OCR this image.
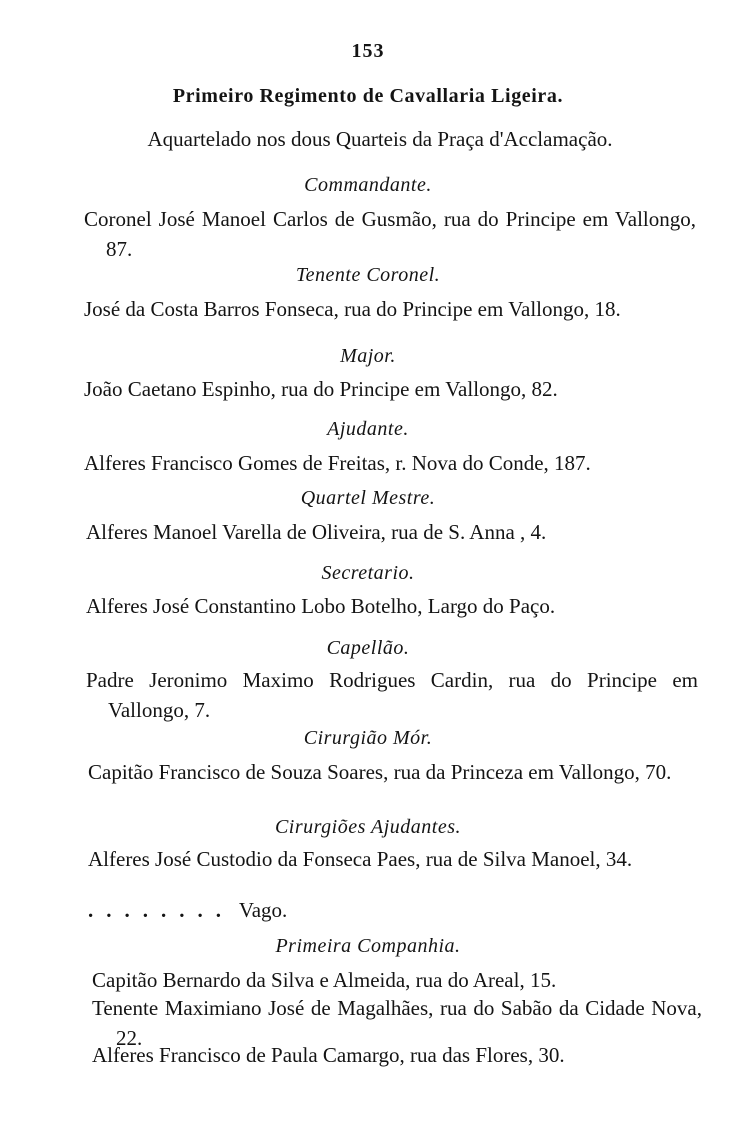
153
Primeiro Regimento de Cavallaria Ligeira.
Aquartelado nos dous Quarteis da Praça d'Acclamação.
Commandante.
Coronel José Manoel Carlos de Gusmão, rua do Principe em Vallongo, 87.
Tenente Coronel.
José da Costa Barros Fonseca, rua do Principe em Vallongo, 18.
Major.
João Caetano Espinho, rua do Principe em Vallongo, 82.
Ajudante.
Alferes Francisco Gomes de Freitas, r. Nova do Conde, 187.
Quartel Mestre.
Alferes Manoel Varella de Oliveira, rua de S. Anna , 4.
Secretario.
Alferes José Constantino Lobo Botelho, Largo do Paço.
Capellão.
Padre Jeronimo Maximo Rodrigues Cardin, rua do Principe em Vallongo, 7.
Cirurgião Mór.
Capitão Francisco de Souza Soares, rua da Princeza em Vallongo, 70.
Cirurgiões Ajudantes.
Alferes José Custodio da Fonseca Paes, rua de Silva Manoel, 34.
........ Vago.
Primeira Companhia.
Capitão Bernardo da Silva e Almeida, rua do Areal, 15.
Tenente Maximiano José de Magalhães, rua do Sabão da Cidade Nova, 22.
Alferes Francisco de Paula Camargo, rua das Flores, 30.
